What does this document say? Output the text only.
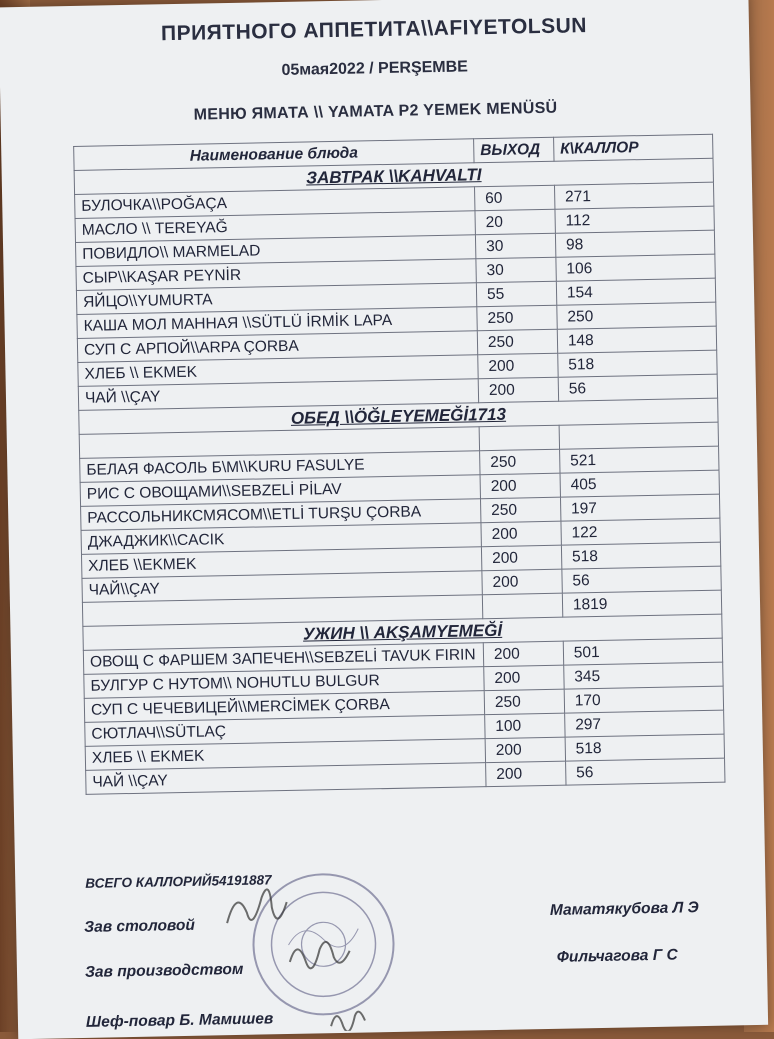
ПРИЯТНОГО АППЕТИТА\\AFIYETOLSUN
05мая2022 / PERŞEMBE
МЕНЮ ЯМАТА \\ YAMATA P2 YEMEK MENÜSÜ
Наименование блюда	ВЫХОД	К\КАЛЛОР
ЗАВТРАК \\KAHVALTI		
БУЛОЧКА\\POĞAÇA	60	271
МАСЛО \\ TEREYAĞ	20	112
ПОВИДЛО\\ MARMELAD	30	98
СЫР\\KAŞAR PEYNİR	30	106
ЯЙЦО\\YUMURTA	55	154
КАША МОЛ МАННАЯ \\SÜTLÜ İRMİK LAPA	250	250
СУП С АРПОЙ\\ARPA ÇORBA	250	148
ХЛЕБ \\ EKMEK	200	518
ЧАЙ \\ÇAY	200	56
ОБЕД \\ÖĞLEYEMEĞİ1713		

БЕЛАЯ ФАСОЛЬ Б\М\\KURU FASULYE	250	521
РИС С ОВОЩАМИ\\SEBZELİ PİLAV	200	405
РАССОЛЬНИКСМЯСОМ\\ETLİ TURŞU ÇORBA	250	197
ДЖАДЖИК\\CACIK	200	122
ХЛЕБ \\EKMEK	200	518
ЧАЙ\\ÇAY	200	56
		1819
УЖИН \\ AKŞAMYEMEĞİ		
ОВОЩ С ФАРШЕМ ЗАПЕЧЕН\\SEBZELİ TAVUK FIRIN	200	501
БУЛГУР С НУТОМ\\ NOHUTLU BULGUR	200	345
СУП С ЧЕЧЕВИЦЕЙ\\MERCİMEK ÇORBA	250	170
СЮТЛАЧ\\SÜTLAÇ	100	297
ХЛЕБ \\ EKMEK	200	518
ЧАЙ \\ÇAY	200	56
ВСЕГО КАЛЛОРИЙ54191887
Зав столовой
Маматякубова Л Э
Зав производством
Фильчагова Г С
Шеф-повар Б. Мамишев
